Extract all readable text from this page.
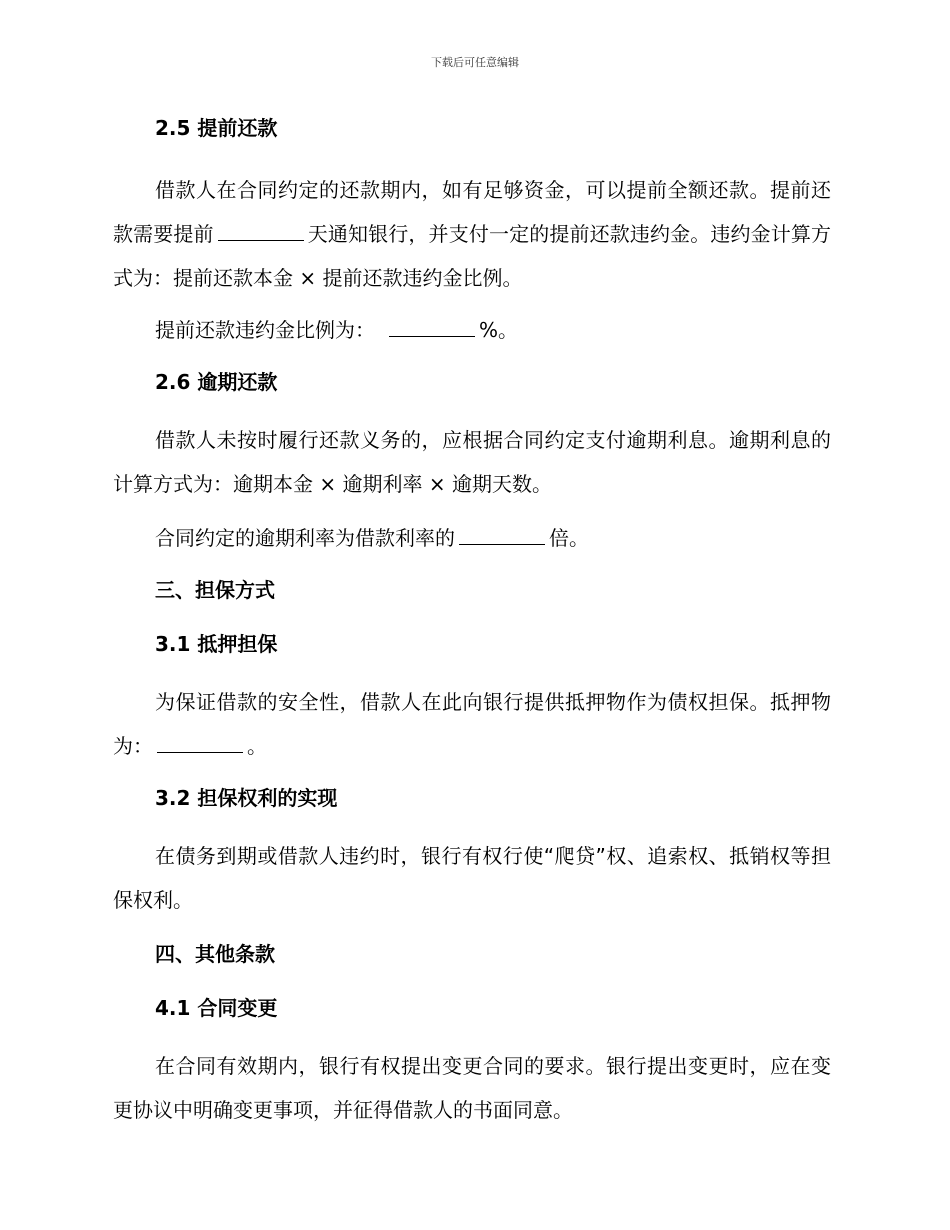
下载后可任意编辑
2.5 提前还款

借款人在合同约定的还款期内，如有足够资金，可以提前全额还款。提前还款需要提前	天通知银行，并支付一定的提前还款违约金。违约金计算方式为：提前还款本金 × 提前还款违约金比例。

提前还款违约金比例为：	%。

2.6 逾期还款

借款人未按时履行还款义务的，应根据合同约定支付逾期利息。逾期利息的计算方式为：逾期本金 × 逾期利率 × 逾期天数。

合同约定的逾期利率为借款利率的	倍。

三、担保方式
3.1 抵押担保

为保证借款的安全性，借款人在此向银行提供抵押物作为债权担保。抵押物为：	。

3.2 担保权利的实现

在债务到期或借款人违约时，银行有权行使“爬贷”权、追索权、抵销权等担保权利。

四、其他条款
4.1 合同变更

在合同有效期内，银行有权提出变更合同的要求。银行提出变更时，应在变更协议中明确变更事项，并征得借款人的书面同意。
